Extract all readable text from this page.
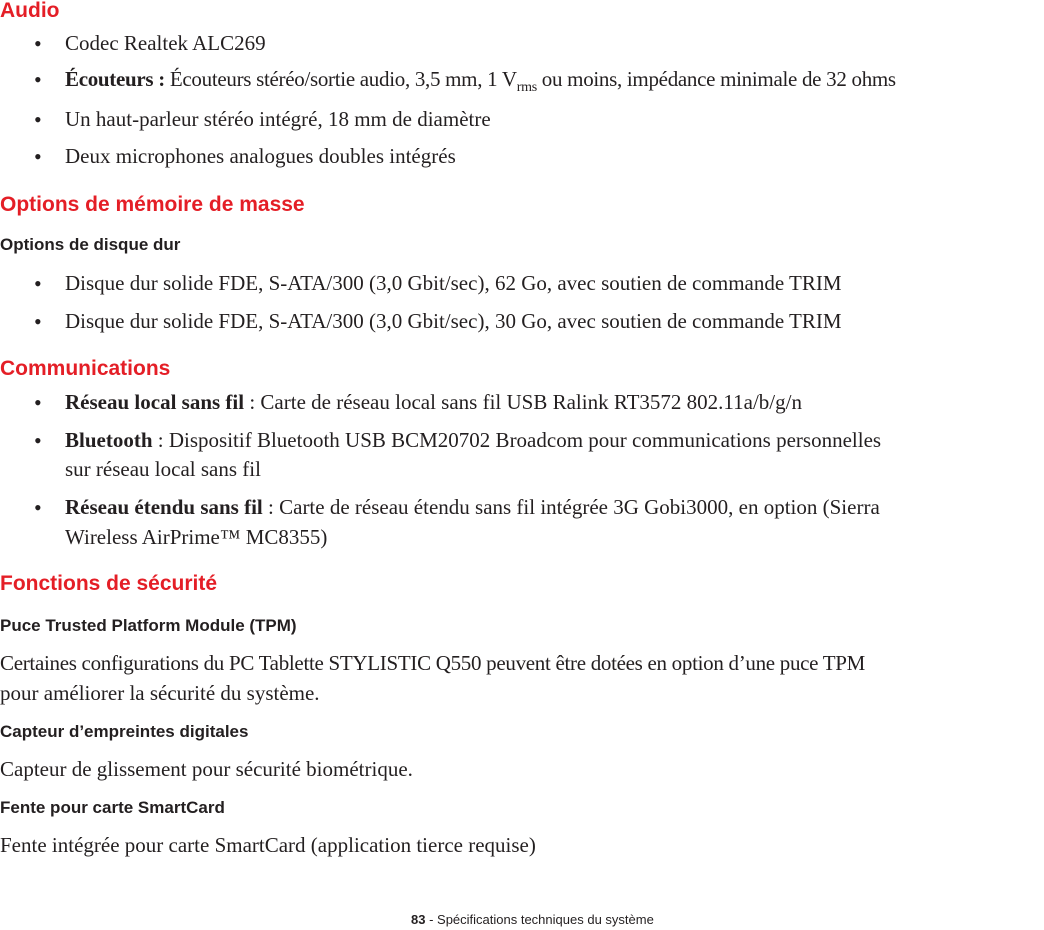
Audio
• Codec Realtek ALC269
• Écouteurs : Écouteurs stéréo/sortie audio, 3,5 mm, 1 $V_{rms}$ ou moins, impédance minimale de 32 ohms
• Un haut-parleur stéréo intégré, 18 mm de diamètre
• Deux microphones analogues doubles intégrés
Options de mémoire de masse
Options de disque dur
• Disque dur solide FDE, S-ATA/300 (3,0 Gbit/sec), 62 Go, avec soutien de commande TRIM
• Disque dur solide FDE, S-ATA/300 (3,0 Gbit/sec), 30 Go, avec soutien de commande TRIM
Communications
• Réseau local sans fil : Carte de réseau local sans fil USB Ralink RT3572 802.11a/b/g/n
• Bluetooth : Dispositif Bluetooth USB BCM20702 Broadcom pour communications personnelles
sur réseau local sans fil
• Réseau étendu sans fil : Carte de réseau étendu sans fil intégrée 3G Gobi3000, en option (Sierra
Wireless AirPrime™ MC8355)
Fonctions de sécurité
Puce Trusted Platform Module (TPM)
Certaines configurations du PC Tablette STYLISTIC Q550 peuvent être dotées en option d’une puce TPM
pour améliorer la sécurité du système.
Capteur d’empreintes digitales
Capteur de glissement pour sécurité biométrique.
Fente pour carte SmartCard
Fente intégrée pour carte SmartCard (application tierce requise)
83 - Spécifications techniques du système
